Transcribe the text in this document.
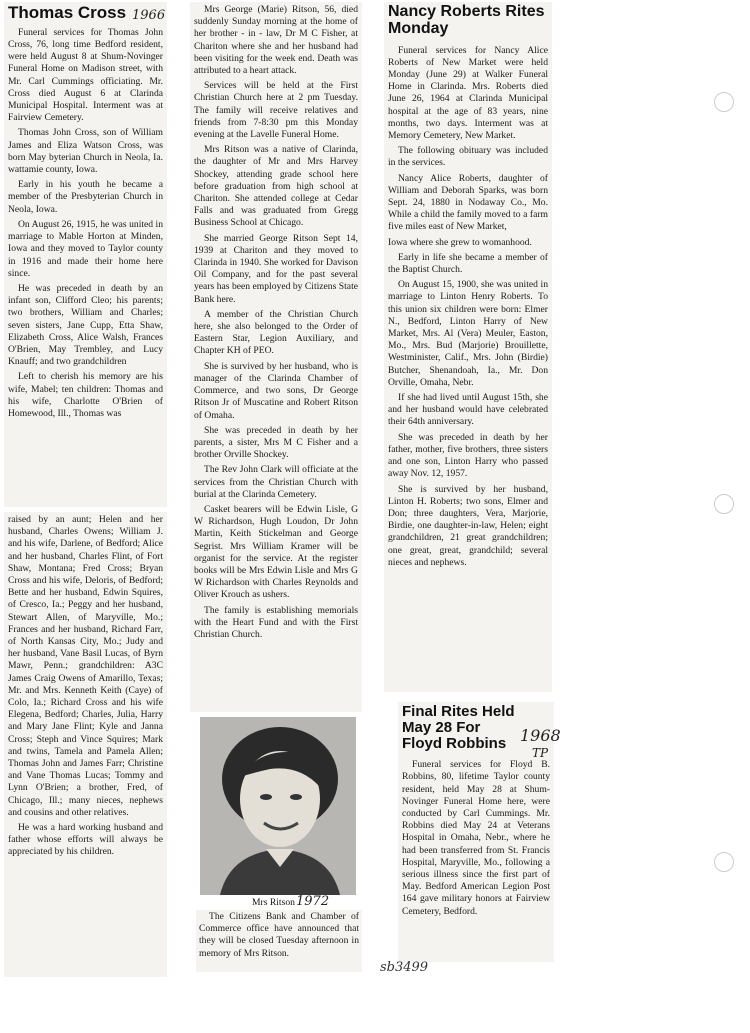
Thomas Cross

Funeral services for Thomas John Cross, 76, long time Bedford resident, were held August 8 at Shum-Novinger Funeral Home on Madison street, with Mr. Carl Cummings officiating. Mr. Cross died August 6 at Clarinda Municipal Hospital. Interment was at Fairview Cemetery.

Thomas John Cross, son of William James and Eliza Watson Cross, was born May byterian Church in Neola, Ia. wattamie county, Iowa.

Early in his youth he became a member of the Presbyterian Church in Neola, Iowa.

On August 26, 1915, he was united in marriage to Mable Horton at Minden, Iowa and they moved to Taylor county in 1916 and made their home here since.

He was preceded in death by an infant son, Clifford Cleo; his parents; two brothers, William and Charles; seven sisters, Jane Cupp, Etta Shaw, Elizabeth Cross, Alice Walsh, Frances O'Brien, May Trembley, and Lucy Knauff; and two grandchildren

Left to cherish his memory are his wife, Mabel; ten children: Thomas and his wife, Charlotte O'Brien of Homewood, Ill., Thomas was

1966

raised by an aunt; Helen and her husband, Charles Owens; William J. and his wife, Darlene, of Bedford; Alice and her husband, Charles Flint, of Fort Shaw, Montana; Fred Cross; Bryan Cross and his wife, Deloris, of Bedford; Bette and her husband, Edwin Squires, of Cresco, Ia.; Peggy and her husband, Stewart Allen, of Maryville, Mo.; Frances and her husband, Richard Farr, of North Kansas City, Mo.; Judy and her husband, Vane Basil Lucas, of Byrn Mawr, Penn.; grandchildren: A3C James Craig Owens of Amarillo, Texas; Mr. and Mrs. Kenneth Keith (Caye) of Colo, Ia.; Richard Cross and his wife Elegena, Bedford; Charles, Julia, Harry and Mary Jane Flint; Kyle and Janna Cross; Steph and Vince Squires; Mark and twins, Tamela and Pamela Allen; Thomas John and James Farr; Christine and Vane Thomas Lucas; Tommy and Lynn O'Brien; a brother, Fred, of Chicago, Ill.; many nieces, nephews and cousins and other relatives.

He was a hard working husband and father whose efforts will always be appreciated by his children.

Mrs George (Marie) Ritson, 56, died suddenly Sunday morning at the home of her brother - in - law, Dr M C Fisher, at Chariton where she and her husband had been visiting for the week end. Death was attributed to a heart attack.

Services will be held at the First Christian Church here at 2 pm Tuesday. The family will receive relatives and friends from 7-8:30 pm this Monday evening at the Lavelle Funeral Home.

Mrs Ritson was a native of Clarinda, the daughter of Mr and Mrs Harvey Shockey, attending grade school here before graduation from high school at Chariton. She attended college at Cedar Falls and was graduated from Gregg Business School at Chicago.

She married George Ritson Sept 14, 1939 at Chariton and they moved to Clarinda in 1940. She worked for Davison Oil Company, and for the past several years has been employed by Citizens State Bank here.

A member of the Christian Church here, she also belonged to the Order of Eastern Star, Legion Auxiliary, and Chapter KH of PEO.

She is survived by her husband, who is manager of the Clarinda Chamber of Commerce, and two sons, Dr George Ritson Jr of Muscatine and Robert Ritson of Omaha.

She was preceded in death by her parents, a sister, Mrs M C Fisher and a brother Orville Shockey.

The Rev John Clark will officiate at the services from the Christian Church with burial at the Clarinda Cemetery.

Casket bearers will be Edwin Lisle, G W Richardson, Hugh Loudon, Dr John Martin, Keith Stickelman and George Segrist. Mrs William Kramer will be organist for the service. At the register books will be Mrs Edwin Lisle and Mrs G W Richardson with Charles Reynolds and Oliver Krouch as ushers.

The family is establishing memorials with the Heart Fund and with the First Christian Church.

Mrs Ritson 1972

The Citizens Bank and Chamber of Commerce office have announced that they will be closed Tuesday afternoon in memory of Mrs Ritson.

Nancy Roberts Rites Monday

Funeral services for Nancy Alice Roberts of New Market were held Monday (June 29) at Walker Funeral Home in Clarinda. Mrs. Roberts died June 26, 1964 at Clarinda Municipal hospital at the age of 83 years, nine months, two days. Interment was at Memory Cemetery, New Market.

The following obituary was included in the services.

Nancy Alice Roberts, daughter of William and Deborah Sparks, was born Sept. 24, 1880 in Nodaway Co., Mo. While a child the family moved to a farm five miles east of New Market,

Iowa where she grew to womanhood.

Early in life she became a member of the Baptist Church.

On August 15, 1900, she was united in marriage to Linton Henry Roberts. To this union six children were born: Elmer N., Bedford, Linton Harry of New Market, Mrs. Al (Vera) Meuler, Easton, Mo., Mrs. Bud (Marjorie) Brouillette, Westminister, Calif., Mrs. John (Birdie) Butcher, Shenandoah, Ia., Mr. Don Orville, Omaha, Nebr.

If she had lived until August 15th, she and her husband would have celebrated their 64th anniversary.

She was preceded in death by her father, mother, five brothers, three sisters and one son, Linton Harry who passed away Nov. 12, 1957.

She is survived by her husband, Linton H. Roberts; two sons, Elmer and Don; three daughters, Vera, Marjorie, Birdie, one daughter-in-law, Helen; eight grandchildren, 21 great grandchildren; one great, great, grandchild; several nieces and nephews.

Final Rites Held May 28 For Floyd Robbins

Funeral services for Floyd B. Robbins, 80, lifetime Taylor county resident, held May 28 at Shum-Novinger Funeral Home here, were conducted by Carl Cummings. Mr. Robbins died May 24 at Veterans Hospital in Omaha, Nebr., where he had been transferred from St. Francis Hospital, Maryville, Mo., following a serious illness since the first part of May. Bedford American Legion Post 164 gave military honors at Fairview Cemetery, Bedford.

1968
TP
sb3499
